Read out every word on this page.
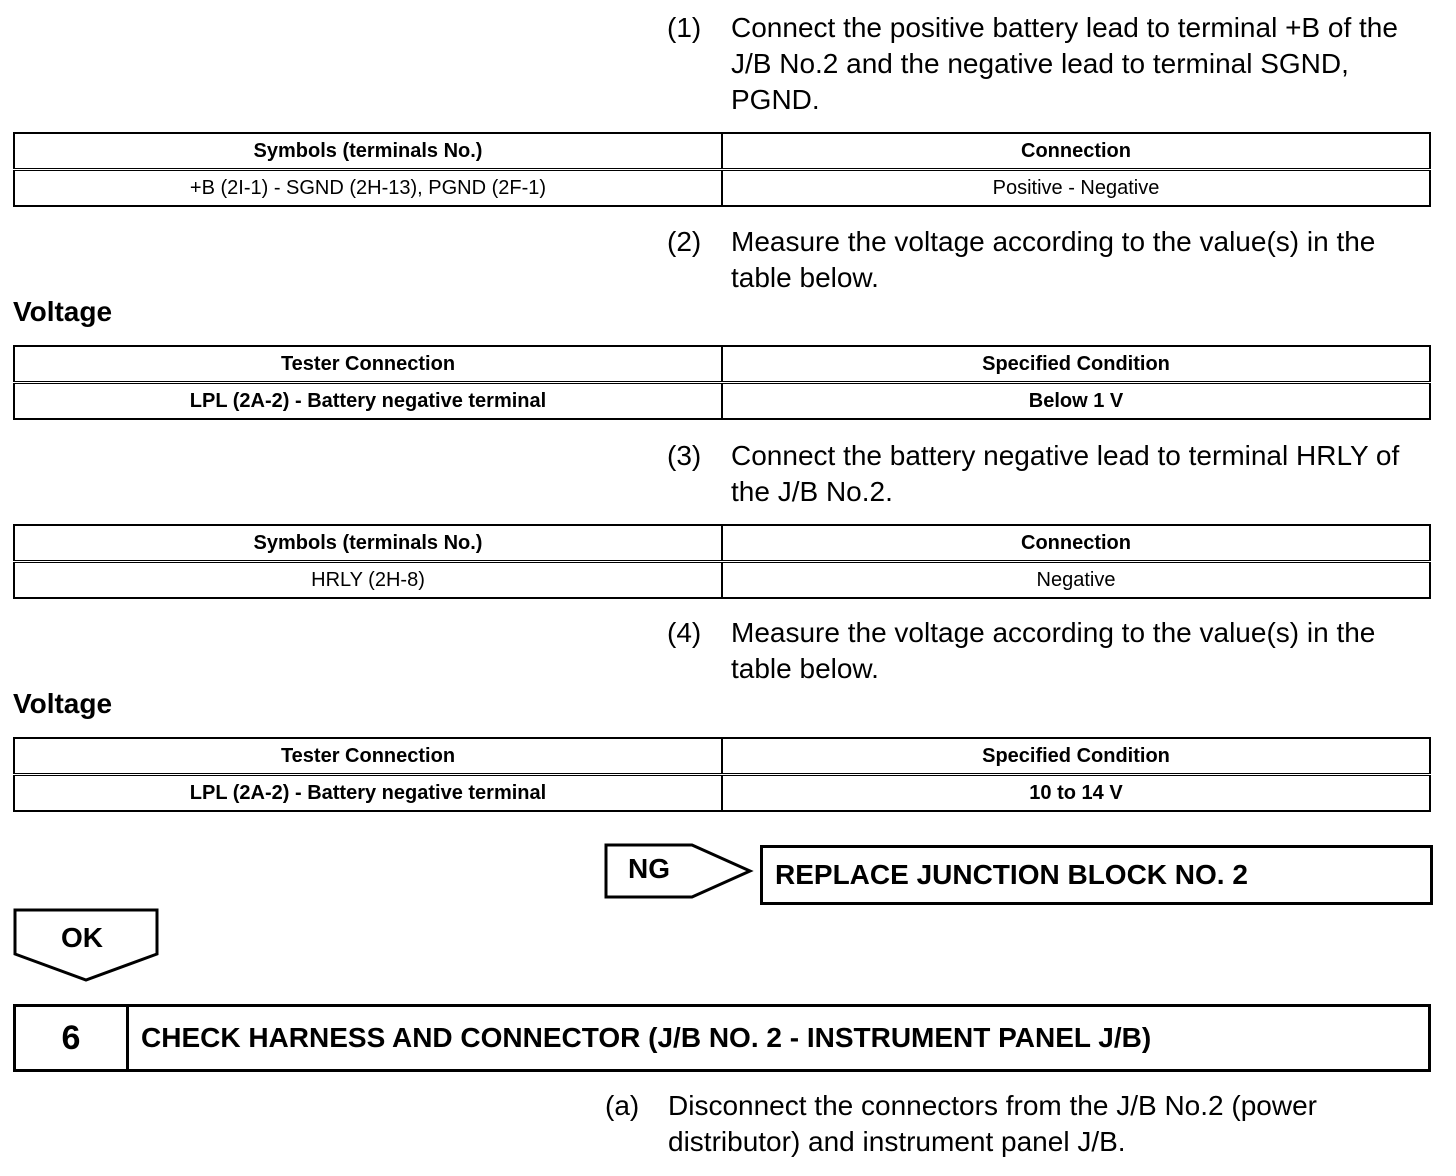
(1) Connect the positive battery lead to terminal +B of the J/B No.2 and the negative lead to terminal SGND, PGND.
Symbols (terminals No.)	Connection
+B (2I-1) - SGND (2H-13), PGND (2F-1)	Positive - Negative
(2) Measure the voltage according to the value(s) in the table below.
Voltage
Tester Connection	Specified Condition
LPL (2A-2) - Battery negative terminal	Below 1 V
(3) Connect the battery negative lead to terminal HRLY of the J/B No.2.
Symbols (terminals No.)	Connection
HRLY (2H-8)	Negative
(4) Measure the voltage according to the value(s) in the table below.
Voltage
Tester Connection	Specified Condition
LPL (2A-2) - Battery negative terminal	10 to 14 V
NG	REPLACE JUNCTION BLOCK NO. 2
OK
6	CHECK HARNESS AND CONNECTOR (J/B NO. 2 - INSTRUMENT PANEL J/B)
(a) Disconnect the connectors from the J/B No.2 (power distributor) and instrument panel J/B.
